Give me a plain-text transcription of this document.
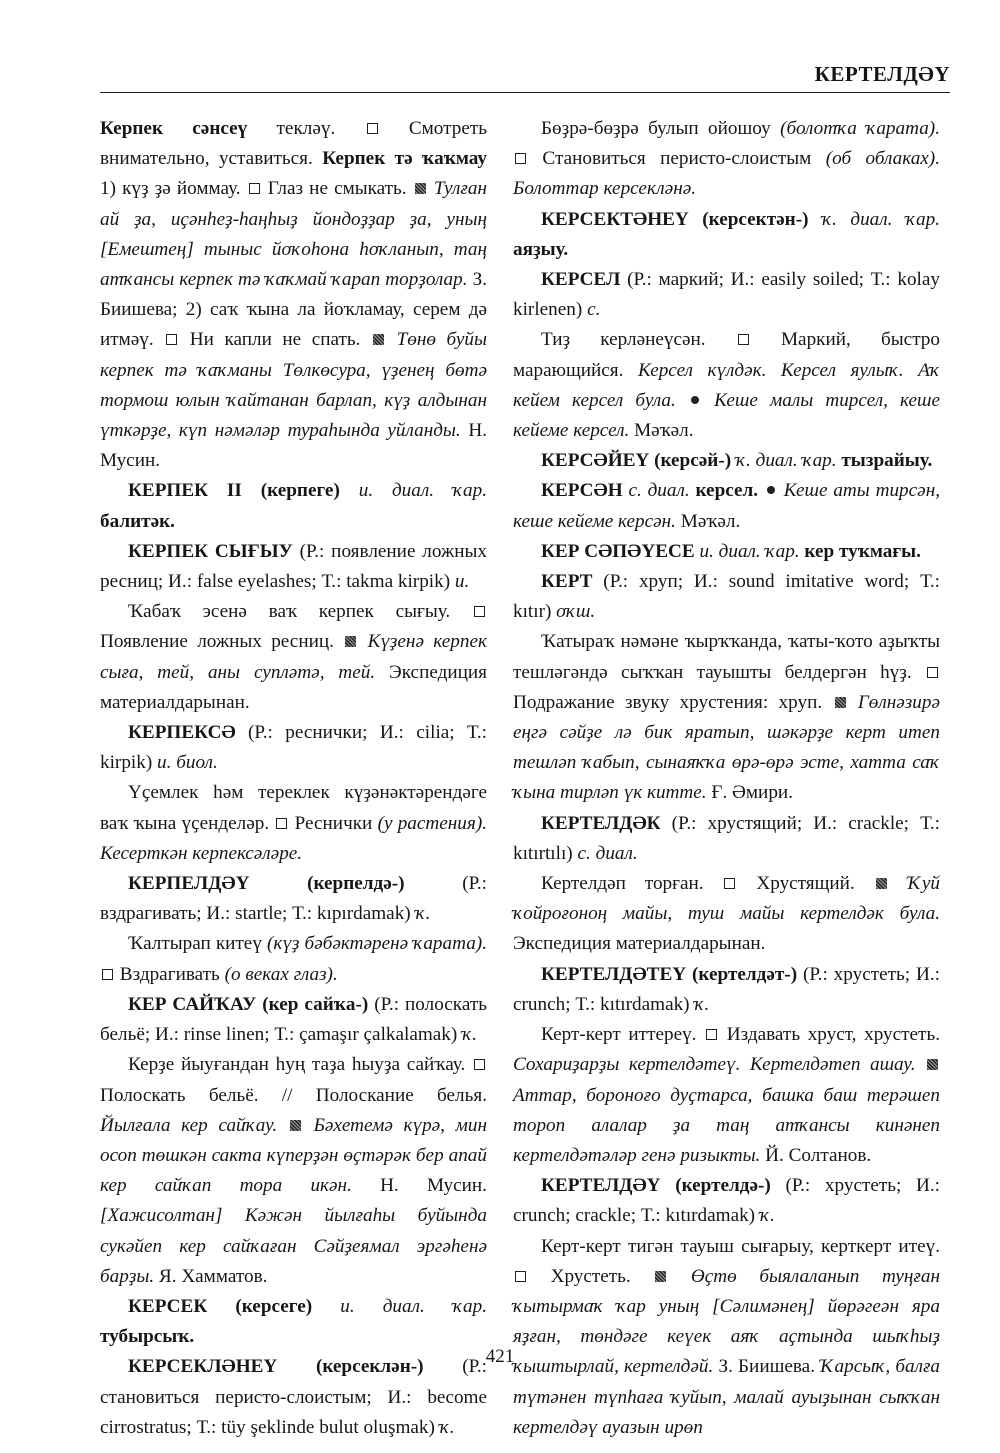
КЕРТЕЛДӘҮ

Керпек сәнсеү текләү.  Смотреть внимательно, уставиться. Керпек тә ҡаҡмау 1) күҙ ҙә йоммау.  Глаз не смыкать.  Тулған ай ҙа, иҫәнһеҙ-һаңһыҙ йондоҙҙар ҙа, уның [Емештең] тыныс йоҡоһона һоҡланып, таң атҡансы керпек тә ҡаҡмай ҡарап торҙолар. З. Биишева; 2) саҡ ҡына ла йоҡламау, серем дә итмәү.  Ни капли не спать.  Төнө буйы керпек тә ҡаҡманы Төлкөсура, үҙенең бөтә тормош юлын ҡайтанан барлап, күҙ алдынан үткәрҙе, күп нәмәләр тураһында уйланды. Н. Мусин.

КЕРПЕК II (керпеге) и. диал. ҡар. балитәк.

КЕРПЕК СЫҒЫУ (Р.: появление ложных ресниц; И.: false eyelashes; Т.: takma kirpik) и.

Ҡабаҡ эсенә ваҡ керпек сығыу.  Появление ложных ресниц.  Күҙенә керпек сыға, тей, аны супләтә, тей. Экспедиция материалдарынан.

КЕРПЕКСӘ (Р.: реснички; И.: cilia; Т.: kirpik) и. биол.

Үҫемлек һәм тереклек күҙәнәктәрендәге ваҡ ҡына үҫенделәр.  Реснички (у растения). Кесерткән керпексәләре.

КЕРПЕЛДӘҮ (керпелдә-) (Р.: вздрагивать; И.: startle; Т.: kıpırdamak) ҡ.

Ҡалтырап китеү (күҙ бәбәктәренә ҡарата).  Вздрагивать (о веках глаз).

КЕР САЙҠАУ (кер сайҡа-) (Р.: полоскать бельё; И.: rinse linen; Т.: çamaşır çalkalamak) ҡ.

Керҙе йыуғандан һуң таҙа һыуҙа сайҡау.  Полоскать бельё. // Полоскание белья. Йылғала кер сайҡау. Бәхетемә күрә, мин осоп төшкән сакта күперҙән өҫтәрәк бер апай кер сайҡап тора икән. Н. Мусин. [Хажисолтан] Кәжән йылғаһы буйында сукәйеп кер сайҡаған Сәйҙеямал эргәһенә барҙы. Я. Хамматов.

КЕРСЕК (керсеге) и. диал. ҡар. тубырсыҡ.

КЕРСЕКЛӘНЕҮ (керсеклән-) (Р.: становиться перисто-слоистым; И.: become cirrostratus; Т.: tüy şeklinde bulut oluşmak) ҡ.

Бөҙрә-бөҙрә булып ойошоу (болотҡа ҡарата).  Становиться перисто-слоистым (об облаках). Болоттар керсекләнә.

КЕРСЕКТӘНЕҮ (керсектән-) ҡ. диал. ҡар. аяҙыу.

КЕРСЕЛ (Р.: маркий; И.: easily soiled; Т.: kolay kirlenen) с.

Тиҙ керләнеүсән.  Маркий, быстро марающийся. Керсел күлдәк. Керсел яулыҡ. Аҡ кейем керсел була. Кеше малы тирсел, кеше кейеме керсел. Мәҡәл.

КЕРСӘЙЕҮ (керсәй-) ҡ. диал. ҡар. тызрайыу.

КЕРСӘН с. диал. керсел. Кеше аты тирсән, кеше кейеме керсән. Мәҡәл.

КЕР СӘПӘҮЕСЕ и. диал. ҡар. кер туҡмағы.

КЕРТ (Р.: хруп; И.: sound imitative word; Т.: kıtır) оҡш.

Ҡатыраҡ нәмәне ҡырҡҡанда, ҡаты-ҡото аҙыҡты тешләгәндә сыҡҡан тауышты белдергән һүҙ.  Подражание звуку хрустения: хруп.  Гөлнәзирә еңгә сәйҙе лә бик яратып, шәкәрҙе керт итеп тешләп ҡабып, сынаяҡҡа өрә-өрә эсте, хатта саҡ ҡына тирләп үк китте. Ғ. Әмири.

КЕРТЕЛДӘК (Р.: хрустящий; И.: crackle; Т.: kıtırtılı) с. диал.

Кертелдәп торған.  Хрустящий.  Ҡуй ҡойроғоноң майы, туш майы кертелдәк була. Экспедиция материалдарынан.

КЕРТЕЛДӘТЕҮ (кертелдәт-) (Р.: хрустеть; И.: crunch; Т.: kıtırdamak) ҡ.

Керт-керт иттереү.  Издавать хруст, хрустеть. Сохариҙарҙы кертелдәтеү. Кертелдәтеп ашау.  Аттар, бороноғо дуҫтарса, башка баш терәшеп тороп алалар ҙа таң атҡансы кинәнеп кертелдәтәләр генә ризыкты. Й. Солтанов.

КЕРТЕЛДӘҮ (кертелдә-) (Р.: хрустеть; И.: crunch; crackle; Т.: kıtırdamak) ҡ.

Керт-керт тигән тауыш сығарыу, керткерт итеү.  Хрустеть.  Өҫтө быялаланып туңған ҡытырмаҡ ҡар уның [Сәлимәнең] йөрәгеән яра яҙған, төндәге кеүек аяҡ аҫтында шыҡһыҙ ҡыштырлай, кертелдәй. З. Биишева. Ҡарсыҡ, балға түтәнен түпһаға ҡуйып, малай ауыҙынан сыҡҡан кертелдәү ауазын ирөп

421
